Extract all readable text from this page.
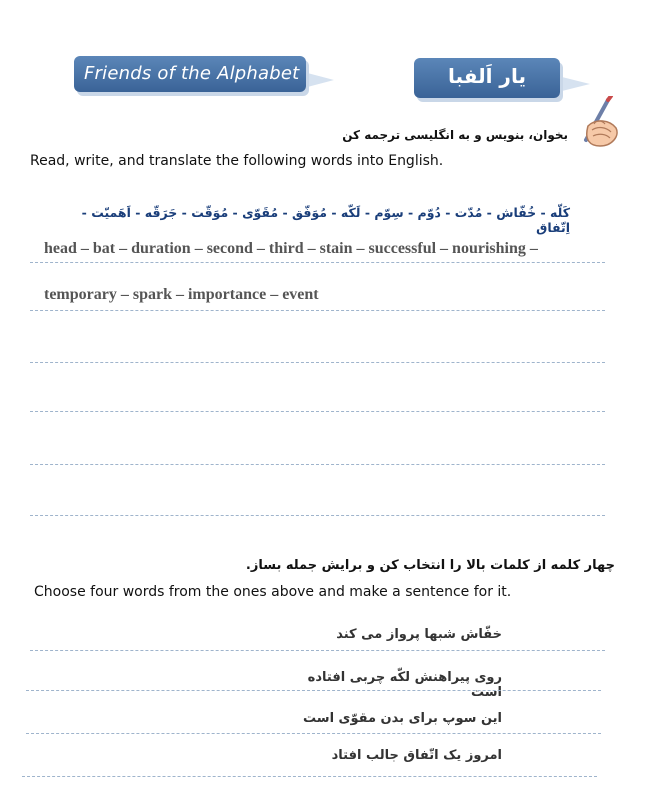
Friends of the Alphabet	یار اَلفبا
بخوان، بنویس و به انگلیسی ترجمه کن
Read, write, and translate the following words into English.
کَلّه - خُفّاش - مُدّت - دُوّم - سِوّم - لَکّه - مُوَفّق - مُقَوّی - مُوَقّت - جَرَقّه - اَهَمیّت - اِتّفاق
head – bat – duration – second – third – stain – successful – nourishing –
temporary – spark – importance – event
چهار کلمه از کلمات بالا را انتخاب کن و برایش جمله بساز.
Choose four words from the ones above and make a sentence for it.
خفّاش شبها پرواز می کند
روی پیراهنش لکّه چربی افتاده است
این سوپ برای بدن مقوّی است
امروز یک اتّفاق جالب افتاد
